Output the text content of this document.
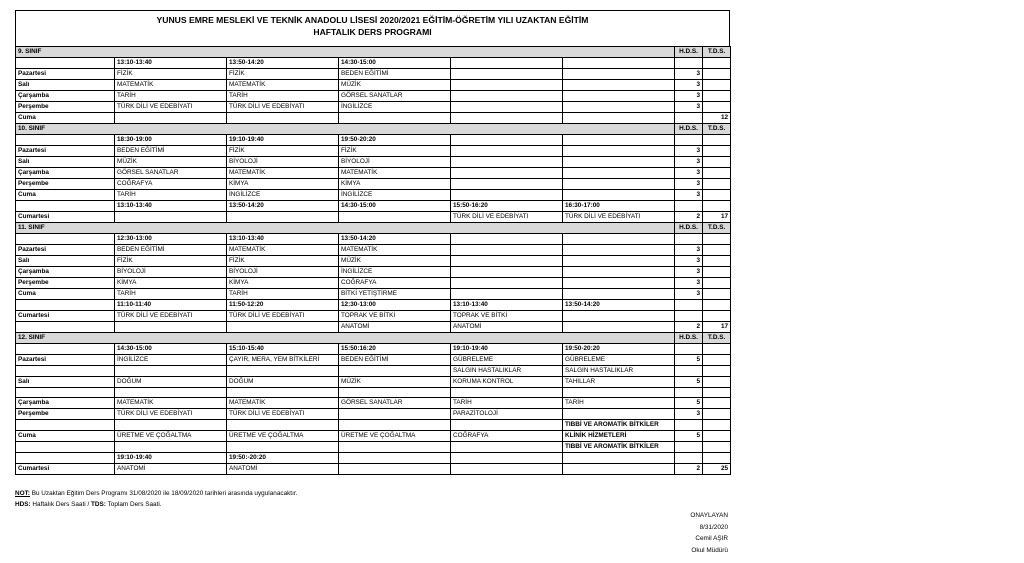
YUNUS EMRE MESLEKİ VE TEKNİK ANADOLU LİSESİ 2020/2021 EĞİTİM-ÖĞRETİM YILI UZAKTAN EĞİTİM
HAFTALIK DERS PROGRAMI
9. SINIF						H.D.S.	T.D.S.
	13:10-13:40	13:50-14:20	14:30-15:00				
Pazartesi	FİZİK	FİZİK	BEDEN EĞİTİMİ			3	
Salı	MATEMATİK	MATEMATİK	MÜZİK			3	
Çarşamba	TARİH	TARİH	GÖRSEL SANATLAR			3	
Perşembe	TÜRK DİLİ VE EDEBİYATI	TÜRK DİLİ VE EDEBİYATI	İNGİLİZCE			3	
Cuma							12
10. SINIF						H.D.S.	T.D.S.
	18:30-19:00	19:10-19:40	19:50-20:20				
Pazartesi	BEDEN EĞİTİMİ	FİZİK	FİZİK			3	
Salı	MÜZİK	BİYOLOJİ	BİYOLOJİ			3	
Çarşamba	GÖRSEL SANATLAR	MATEMATİK	MATEMATİK			3	
Perşembe	COĞRAFYA	KİMYA	KİMYA			3	
Cuma	TARİH	İNGİLİZCE	İNGİLİZCE			3	
	13:10-13:40	13:50-14:20	14:30-15:00	15:50-16:20	16:30-17:00		
Cumartesi				TÜRK DİLİ VE EDEBİYATI	TÜRK DİLİ VE EDEBİYATI	2	17
11. SINIF						H.D.S.	T.D.S.
	12:30-13:00	13:10-13:40	13:50-14:20				
Pazartesi	BEDEN EĞİTİMİ	MATEMATİK	MATEMATİK			3	
Salı	FİZİK	FİZİK	MÜZİK			3	
Çarşamba	BİYOLOJİ	BİYOLOJİ	İNGİLİZCE			3	
Perşembe	KİMYA	KİMYA	COĞRAFYA			3	
Cuma	TARİH	TARİH	BİTKİ YETİŞTİRME			3	
	11:10-11:40	11:50-12:20	12:30-13:00	13:10-13:40	13:50-14:20		
Cumartesi	TÜRK DİLİ VE EDEBİYATI	TÜRK DİLİ VE EDEBİYATI	TOPRAK VE BİTKİ	TOPRAK VE BİTKİ			
			ANATOMİ	ANATOMİ		2	17
12. SINIF						H.D.S.	T.D.S.
	14:30-15:00	15:10-15:40	15:50:16:20	19:10-19:40	19:50-20:20		
Pazartesi	İNGİLİZCE	ÇAYIR, MERA, YEM BİTKİLERİ	BEDEN EĞİTİMİ	GÜBRELEME	GÜBRELEME	5	
				SALGIN HASTALIKLAR	SALGIN HASTALIKLAR		
Salı	DOĞUM	DOĞUM	MÜZİK	KORUMA KONTROL	TAHILLAR	5	

Çarşamba	MATEMATİK	MATEMATİK	GÖRSEL SANATLAR	TARİH	TARİH	5	
Perşembe	TÜRK DİLİ VE EDEBİYATI	TÜRK DİLİ VE EDEBİYATI		PARAZİTOLOJİ		3	
					TIBBİ VE AROMATİK BİTKİLER		
Cuma	ÜRETME VE ÇOĞALTMA	ÜRETME VE ÇOĞALTMA	ÜRETME VE ÇOĞALTMA	COĞRAFYA	KLİNİK HİZMETLERİ	5	
					TIBBİ VE AROMATİK BİTKİLER		
	19:10-19:40	19:50:-20:20					
Cumartesi	ANATOMİ	ANATOMİ				2	25
NOT: Bu Uzaktan Eğitim Ders Programı 31/08/2020 ile 18/09/2020 tarihleri arasında uygulanacaktır.
HDS: Haftalık Ders Saati / TDS: Toplam Ders Saati.
ONAYLAYAN
8/31/2020
Cemil AŞIR
Okul Müdürü
